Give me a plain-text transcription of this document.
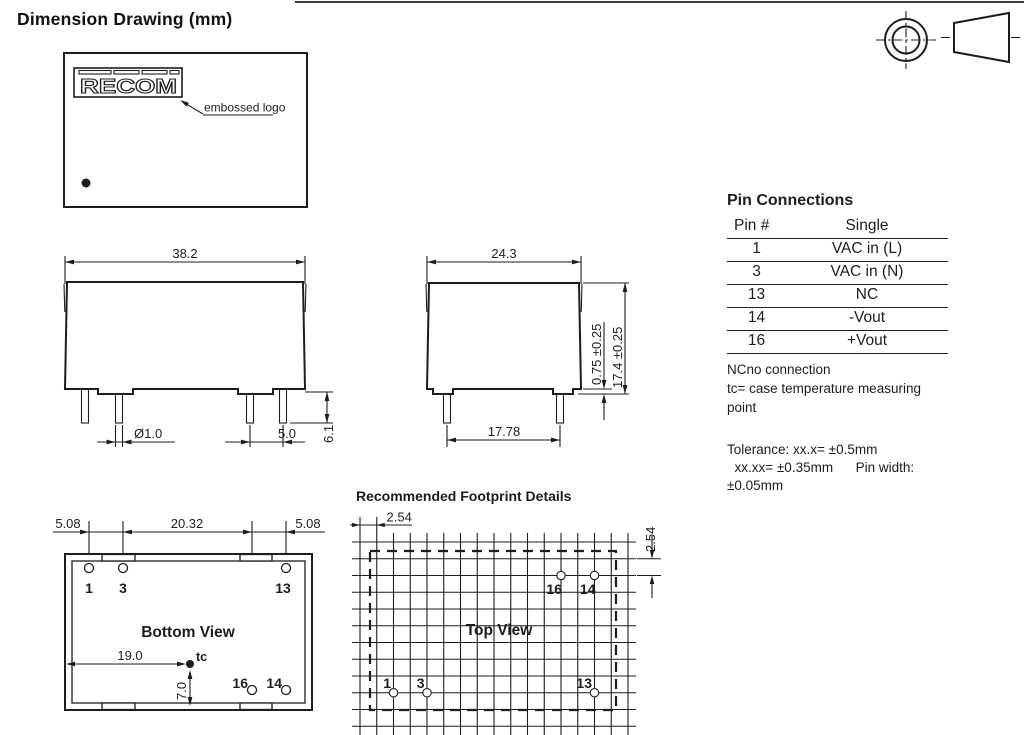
Dimension Drawing (mm)
RECOM
embossed logo
38.2
Ø1.0	5.0 6.1
24.3
17.78
0.75 ±0.25 17.4 ±0.25
Pin Connections
Pin #	Single
1	VAC in (L)
3	VAC in (N)
13	NC
14	-Vout
16	+Vout

NCno connection

tc= case temperature measuring point

Tolerance: xx.x= ±0.5mm
xx.xx= ±0.35mm      Pin width:
±0.05mm
5.08	20.32	5.08
1 3	13
16 14
Bottom View
tc
19.0
7.0
Recommended Footprint Details
2.54
2.54
1 3	13
16 14
Top View
